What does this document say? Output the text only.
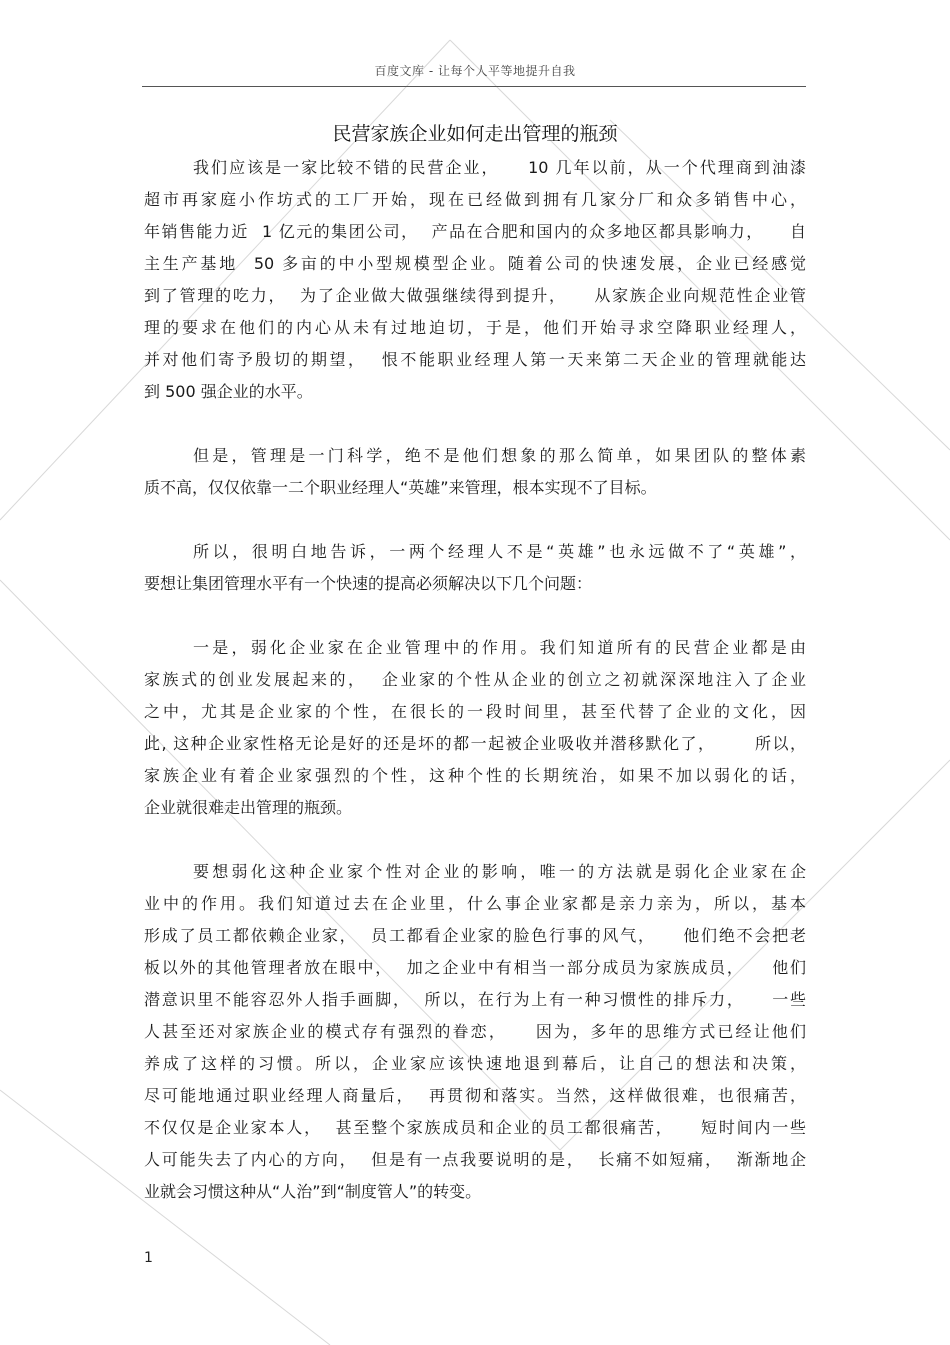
百度文库 - 让每个人平等地提升自我
民营家族企业如何走出管理的瓶颈
我们应该是一家比较不错的民营企业，    10 几年以前，从一个代理商到油漆
超市再家庭小作坊式的工厂开始，现在已经做到拥有几家分厂和众多销售中心，
年销售能力近  1 亿元的集团公司，  产品在合肥和国内的众多地区都具影响力，    自
主生产基地  50 多亩的中小型规模型企业。随着公司的快速发展，企业已经感觉
到了管理的吃力，  为了企业做大做强继续得到提升，    从家族企业向规范性企业管
理的要求在他们的内心从未有过地迫切，于是，他们开始寻求空降职业经理人，
并对他们寄予殷切的期望，  恨不能职业经理人第一天来第二天企业的管理就能达
到 500 强企业的水平。
但是，管理是一门科学，绝不是他们想象的那么简单，如果团队的整体素
质不高，仅仅依靠一二个职业经理人“英雄”来管理，根本实现不了目标。
所以，很明白地告诉，一两个经理人不是“英雄”也永远做不了“英雄”，
要想让集团管理水平有一个快速的提高必须解决以下几个问题：
一是，弱化企业家在企业管理中的作用。我们知道所有的民营企业都是由
家族式的创业发展起来的，  企业家的个性从企业的创立之初就深深地注入了企业
之中，尤其是企业家的个性，在很长的一段时间里，甚至代替了企业的文化，因
此, 这种企业家性格无论是好的还是坏的都一起被企业吸收并潜移默化了，      所以，
家族企业有着企业家强烈的个性，这种个性的长期统治，如果不加以弱化的话，
企业就很难走出管理的瓶颈。
要想弱化这种企业家个性对企业的影响，唯一的方法就是弱化企业家在企
业中的作用。我们知道过去在企业里，什么事企业家都是亲力亲为，所以，基本
形成了员工都依赖企业家，  员工都看企业家的脸色行事的风气，    他们绝不会把老
板以外的其他管理者放在眼中，  加之企业中有相当一部分成员为家族成员，    他们
潜意识里不能容忍外人指手画脚，  所以，在行为上有一种习惯性的排斥力，    一些
人甚至还对家族企业的模式存有强烈的眷恋，    因为，多年的思维方式已经让他们
养成了这样的习惯。所以，企业家应该快速地退到幕后，让自己的想法和决策，
尽可能地通过职业经理人商量后，  再贯彻和落实。当然，这样做很难，也很痛苦，
不仅仅是企业家本人，  甚至整个家族成员和企业的员工都很痛苦，    短时间内一些
人可能失去了内心的方向，  但是有一点我要说明的是，  长痛不如短痛，  渐渐地企
业就会习惯这种从“人治”到“制度管人”的转变。
1
